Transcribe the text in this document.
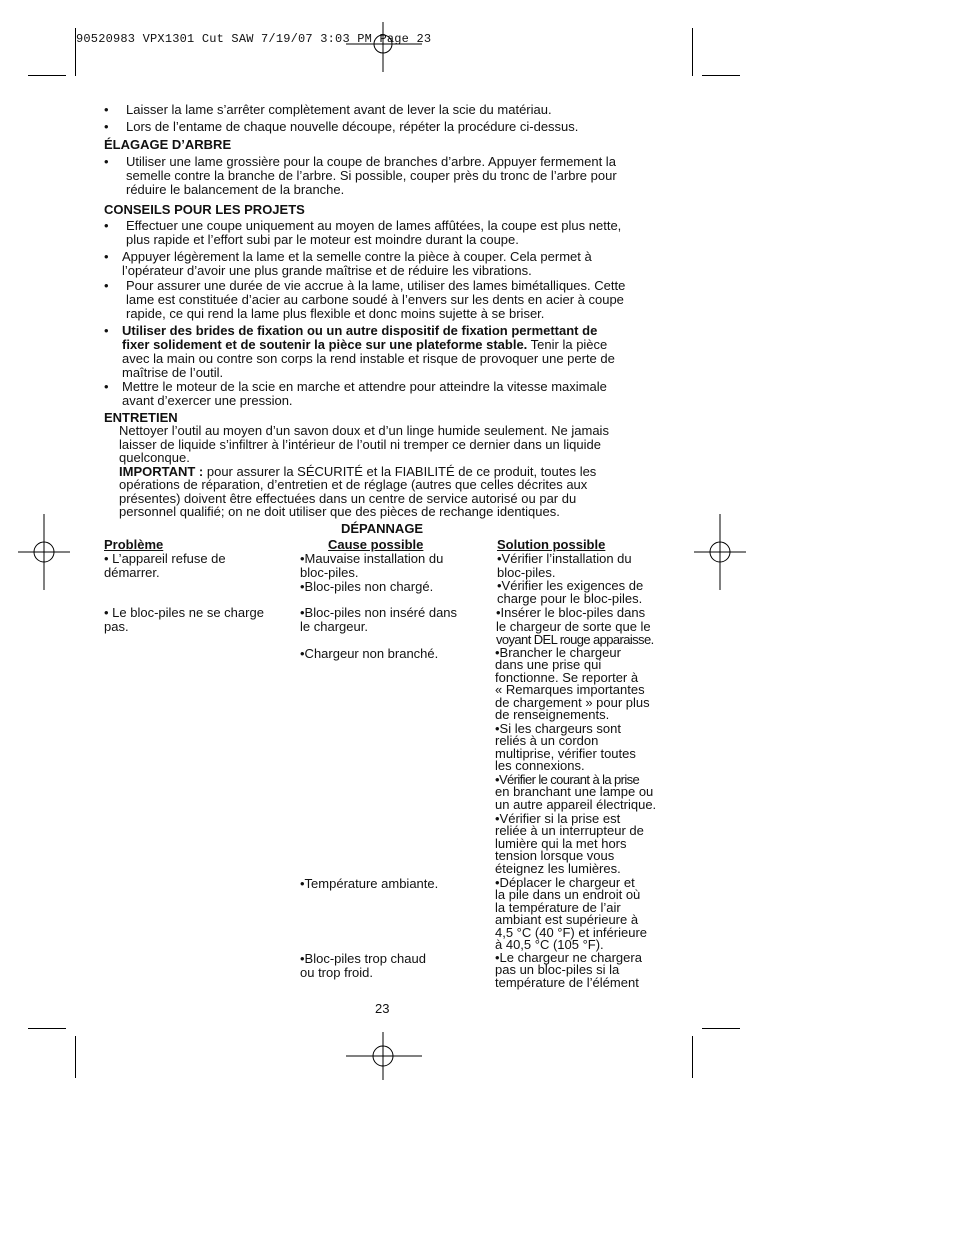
90520983 VPX1301 Cut SAW 7/19/07 3:03 PM Page 23
• Laisser la lame s’arrêter complètement avant de lever la scie du matériau.
• Lors de l’entame de chaque nouvelle découpe, répéter la procédure ci-dessus.
ÉLAGAGE D’ARBRE
• Utiliser une lame grossière pour la coupe de branches d’arbre. Appuyer fermement la
semelle contre la branche de l’arbre. Si possible, couper près du tronc de l’arbre pour
réduire le balancement de la branche.
CONSEILS POUR LES PROJETS
• Effectuer une coupe uniquement au moyen de lames affûtées, la coupe est plus nette,
plus rapide et l’effort subi par le moteur est moindre durant la coupe.
• Appuyer légèrement la lame et la semelle contre la pièce à couper. Cela permet à
l’opérateur d’avoir une plus grande maîtrise et de réduire les vibrations.
• Pour assurer une durée de vie accrue à la lame, utiliser des lames bimétalliques. Cette
lame est constituée d’acier au carbone soudé à l’envers sur les dents en acier à coupe
rapide, ce qui rend la lame plus flexible et donc moins sujette à se briser.
• Utiliser des brides de fixation ou un autre dispositif de fixation permettant de
fixer solidement et de soutenir la pièce sur une plateforme stable. Tenir la pièce
avec la main ou contre son corps la rend instable et risque de provoquer une perte de
maîtrise de l’outil.
• Mettre le moteur de la scie en marche et attendre pour atteindre la vitesse maximale
avant d’exercer une pression.
ENTRETIEN
Nettoyer l’outil au moyen d’un savon doux et d’un linge humide seulement. Ne jamais
laisser de liquide s’infiltrer à l’intérieur de l’outil ni tremper ce dernier dans un liquide
quelconque.
IMPORTANT : pour assurer la SÉCURITÉ et la FIABILITÉ de ce produit, toutes les
opérations de réparation, d’entretien et de réglage (autres que celles décrites aux
présentes) doivent être effectuées dans un centre de service autorisé ou par du
personnel qualifié; on ne doit utiliser que des pièces de rechange identiques.
DÉPANNAGE
Problème	Cause possible	Solution possible
• L’appareil refuse de
démarrer.
• Le bloc-piles ne se charge
pas.
•Mauvaise installation du
bloc-piles.
•Bloc-piles non chargé.
•Bloc-piles non inséré dans
le chargeur.
•Chargeur non branché.
•Température ambiante.
•Bloc-piles trop chaud
ou trop froid.
•Vérifier l’installation du
bloc-piles.
•Vérifier les exigences de
charge pour le bloc-piles.
•Insérer le bloc-piles dans
le chargeur de sorte que le
voyant DEL rouge apparaisse.
•Brancher le chargeur
dans une prise qui
fonctionne. Se reporter à
« Remarques importantes
de chargement » pour plus
de renseignements.
•Si les chargeurs sont
reliés à un cordon
multiprise, vérifier toutes
les connexions.
•Vérifier le courant à la prise
en branchant une lampe ou
un autre appareil électrique.
•Vérifier si la prise est
reliée à un interrupteur de
lumière qui la met hors
tension lorsque vous
éteignez les lumières.
•Déplacer le chargeur et
la pile dans un endroit où
la température de l’air
ambiant est supérieure à
4,5 °C (40 °F) et inférieure
à 40,5 °C (105 °F).
•Le chargeur ne chargera
pas un bloc-piles si la
température de l’élément
23
